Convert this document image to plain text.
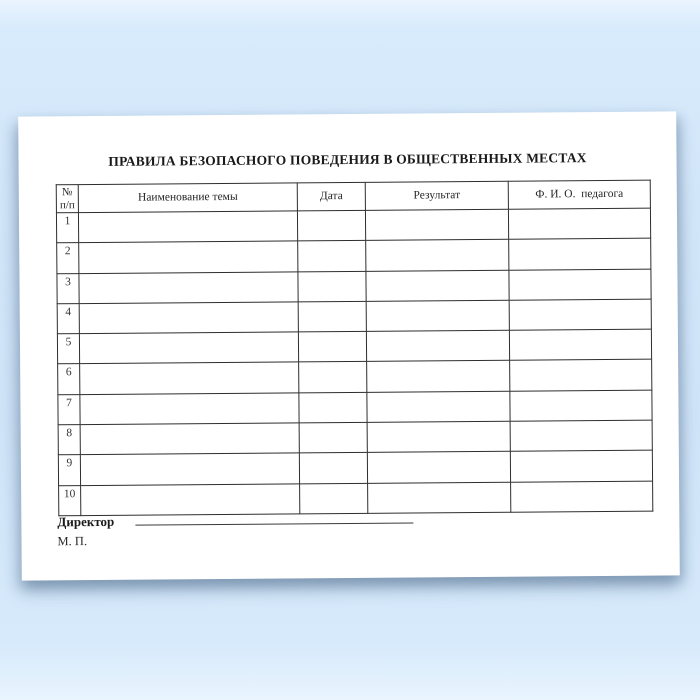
ПРАВИЛА БЕЗОПАСНОГО ПОВЕДЕНИЯ В ОБЩЕСТВЕННЫХ МЕСТАХ
№
п/п	Наименование темы	Дата	Результат	Ф. И. О.  педагога
1				
2				
3				
4				
5				
6				
7				
8				
9				
10				
Директор
М. П.
